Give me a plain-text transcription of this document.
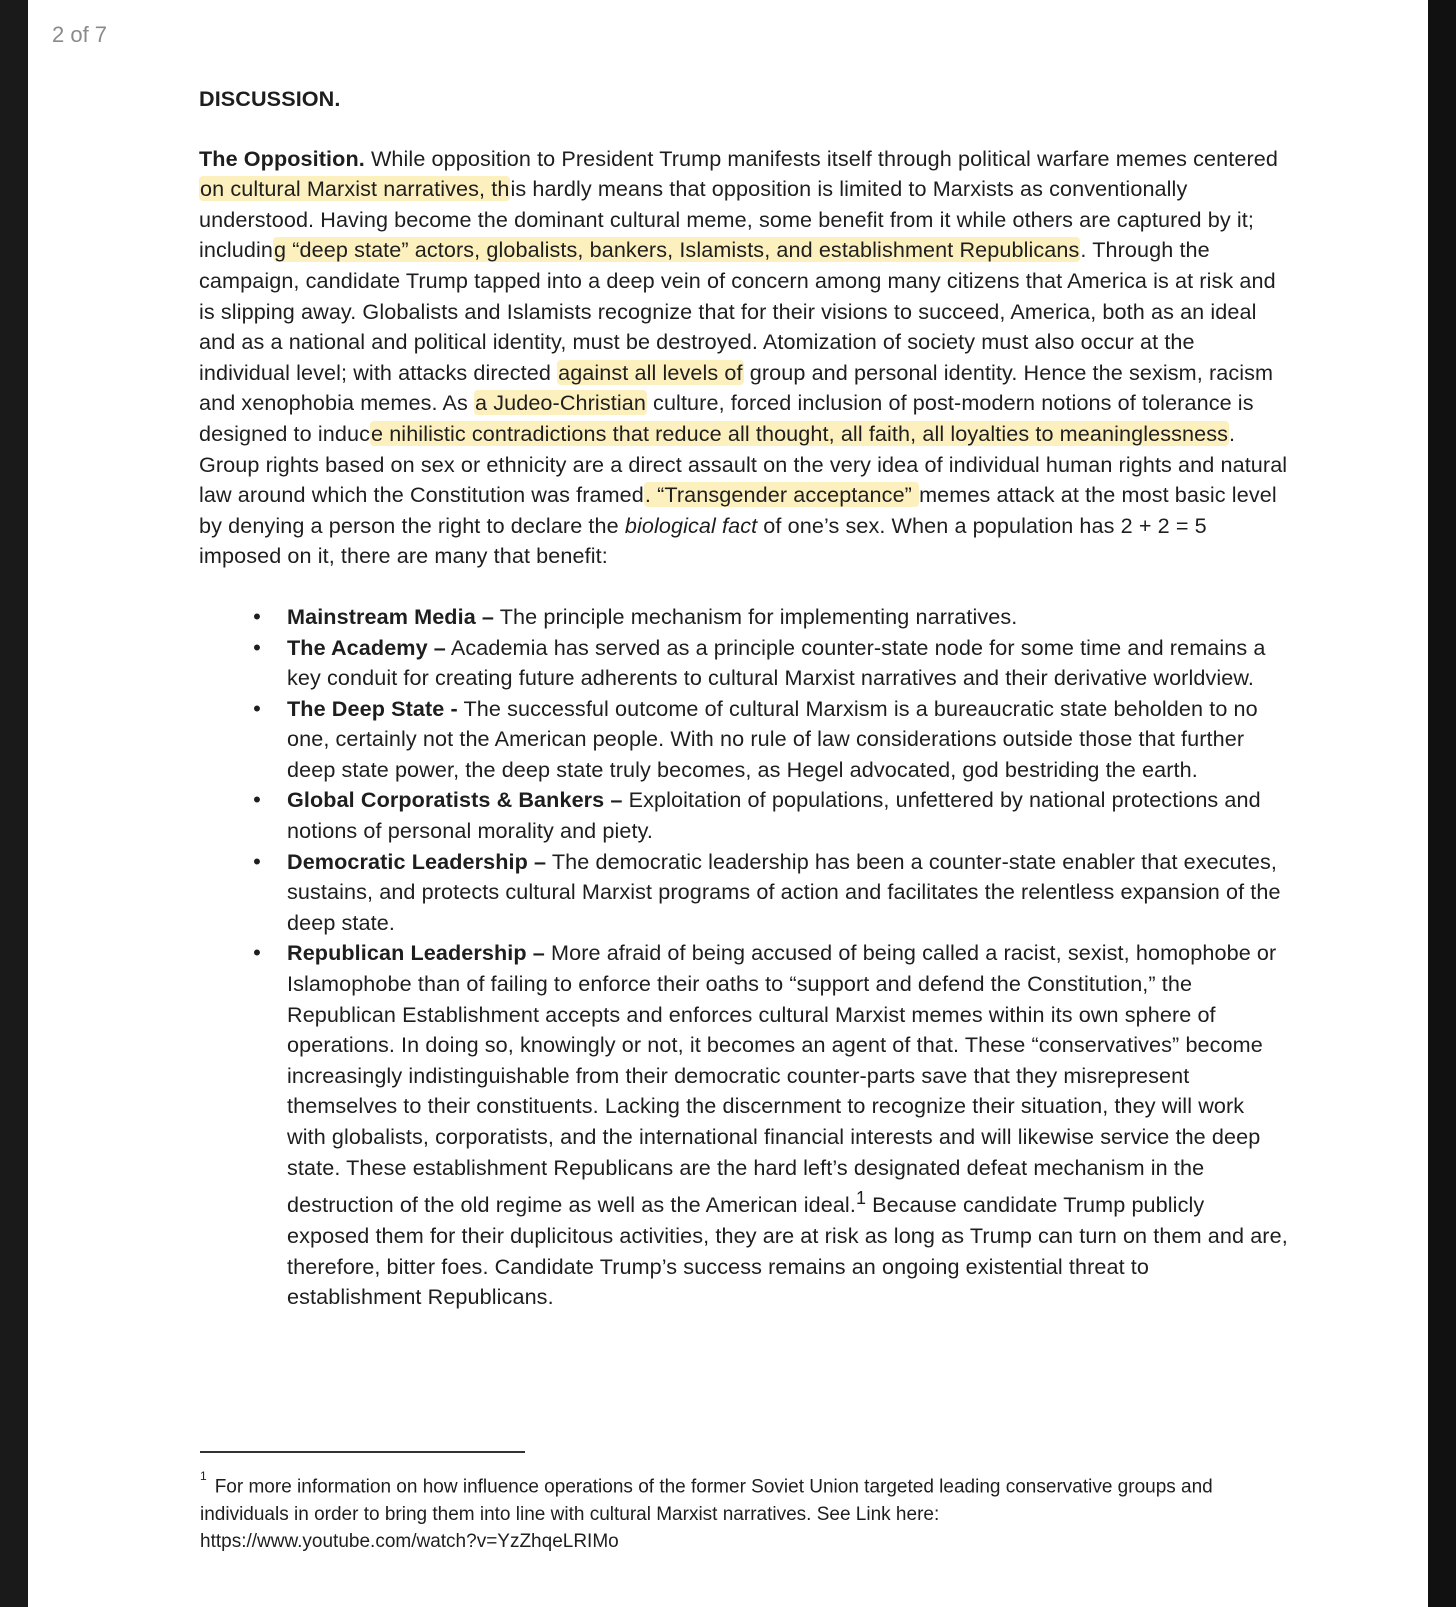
2 of 7

DISCUSSION.

The Opposition. While opposition to President Trump manifests itself through political warfare memes centered on cultural Marxist narratives, this hardly means that opposition is limited to Marxists as conventionally understood. Having become the dominant cultural meme, some benefit from it while others are captured by it; including “deep state” actors, globalists, bankers, Islamists, and establishment Republicans. Through the campaign, candidate Trump tapped into a deep vein of concern among many citizens that America is at risk and is slipping away. Globalists and Islamists recognize that for their visions to succeed, America, both as an ideal and as a national and political identity, must be destroyed. Atomization of society must also occur at the individual level; with attacks directed against all levels of group and personal identity. Hence the sexism, racism and xenophobia memes. As a Judeo-Christian culture, forced inclusion of post-modern notions of tolerance is designed to induce nihilistic contradictions that reduce all thought, all faith, all loyalties to meaninglessness. Group rights based on sex or ethnicity are a direct assault on the very idea of individual human rights and natural law around which the Constitution was framed. “Transgender acceptance” memes attack at the most basic level by denying a person the right to declare the biological fact of one’s sex. When a population has 2 + 2 = 5 imposed on it, there are many that benefit:

• Mainstream Media – The principle mechanism for implementing narratives.
• The Academy – Academia has served as a principle counter-state node for some time and remains a key conduit for creating future adherents to cultural Marxist narratives and their derivative worldview.
• The Deep State - The successful outcome of cultural Marxism is a bureaucratic state beholden to no one, certainly not the American people. With no rule of law considerations outside those that further deep state power, the deep state truly becomes, as Hegel advocated, god bestriding the earth.
• Global Corporatists & Bankers – Exploitation of populations, unfettered by national protections and notions of personal morality and piety.
• Democratic Leadership – The democratic leadership has been a counter-state enabler that executes, sustains, and protects cultural Marxist programs of action and facilitates the relentless expansion of the deep state.
• Republican Leadership – More afraid of being accused of being called a racist, sexist, homophobe or Islamophobe than of failing to enforce their oaths to “support and defend the Constitution,” the Republican Establishment accepts and enforces cultural Marxist memes within its own sphere of operations. In doing so, knowingly or not, it becomes an agent of that. These “conservatives” become increasingly indistinguishable from their democratic counter-parts save that they misrepresent themselves to their constituents. Lacking the discernment to recognize their situation, they will work with globalists, corporatists, and the international financial interests and will likewise service the deep state. These establishment Republicans are the hard left’s designated defeat mechanism in the destruction of the old regime as well as the American ideal.$^1$ Because candidate Trump publicly exposed them for their duplicitous activities, they are at risk as long as Trump can turn on them and are, therefore, bitter foes. Candidate Trump’s success remains an ongoing existential threat to establishment Republicans.
$^1$For more information on how influence operations of the former Soviet Union targeted leading conservative groups and individuals in order to bring them into line with cultural Marxist narratives. See Link here:
https://www.youtube.com/watch?v=YzZhqeLRIMo
